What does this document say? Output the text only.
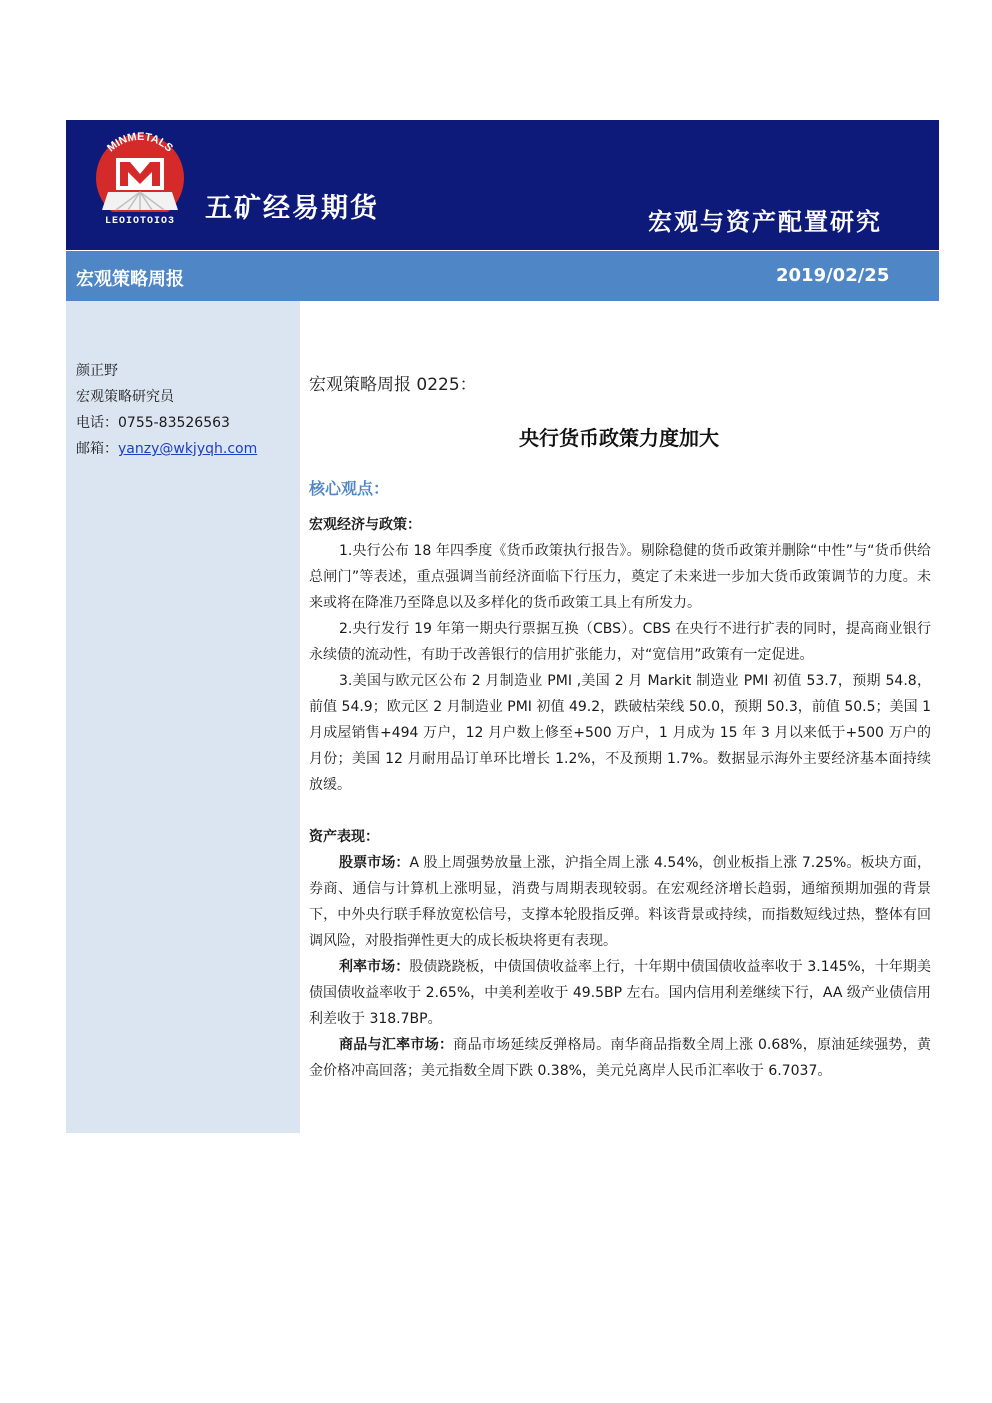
MINMETALS
LEOIOTOIO3 五矿经易期货	宏观与资产配置研究
宏观策略周报	2019/02/25
颜正野
宏观策略研究员
电话：0755-83526563
邮箱：yanzy@wkjyqh.com
宏观策略周报 0225：
央行货币政策力度加大
核心观点：

宏观经济与政策：

1.央行公布 18 年四季度《货币政策执行报告》。剔除稳健的货币政策并删除“中性”与“货币供给总闸门”等表述，重点强调当前经济面临下行压力，奠定了未来进一步加大货币政策调节的力度。未来或将在降准乃至降息以及多样化的货币政策工具上有所发力。

2.央行发行 19 年第一期央行票据互换（CBS）。CBS 在央行不进行扩表的同时，提高商业银行永续债的流动性，有助于改善银行的信用扩张能力，对“宽信用”政策有一定促进。

3.美国与欧元区公布 2 月制造业 PMI ,美国 2 月 Markit 制造业 PMI 初值 53.7，预期 54.8，前值 54.9；欧元区 2 月制造业 PMI 初值 49.2，跌破枯荣线 50.0，预期 50.3，前值 50.5；美国 1 月成屋销售+494 万户，12 月户数上修至+500 万户，1 月成为 15 年 3 月以来低于+500 万户的月份；美国 12 月耐用品订单环比增长 1.2%，不及预期 1.7%。数据显示海外主要经济基本面持续放缓。

资产表现：

股票市场：A 股上周强势放量上涨，沪指全周上涨 4.54%，创业板指上涨 7.25%。板块方面，券商、通信与计算机上涨明显，消费与周期表现较弱。在宏观经济增长趋弱，通缩预期加强的背景下，中外央行联手释放宽松信号，支撑本轮股指反弹。料该背景或持续，而指数短线过热，整体有回调风险，对股指弹性更大的成长板块将更有表现。

利率市场：股债跷跷板，中债国债收益率上行，十年期中债国债收益率收于 3.145%，十年期美债国债收益率收于 2.65%，中美利差收于 49.5BP 左右。国内信用利差继续下行，AA 级产业债信用利差收于 318.7BP。

商品与汇率市场：商品市场延续反弹格局。南华商品指数全周上涨 0.68%，原油延续强势，黄金价格冲高回落；美元指数全周下跌 0.38%，美元兑离岸人民币汇率收于 6.7037。
